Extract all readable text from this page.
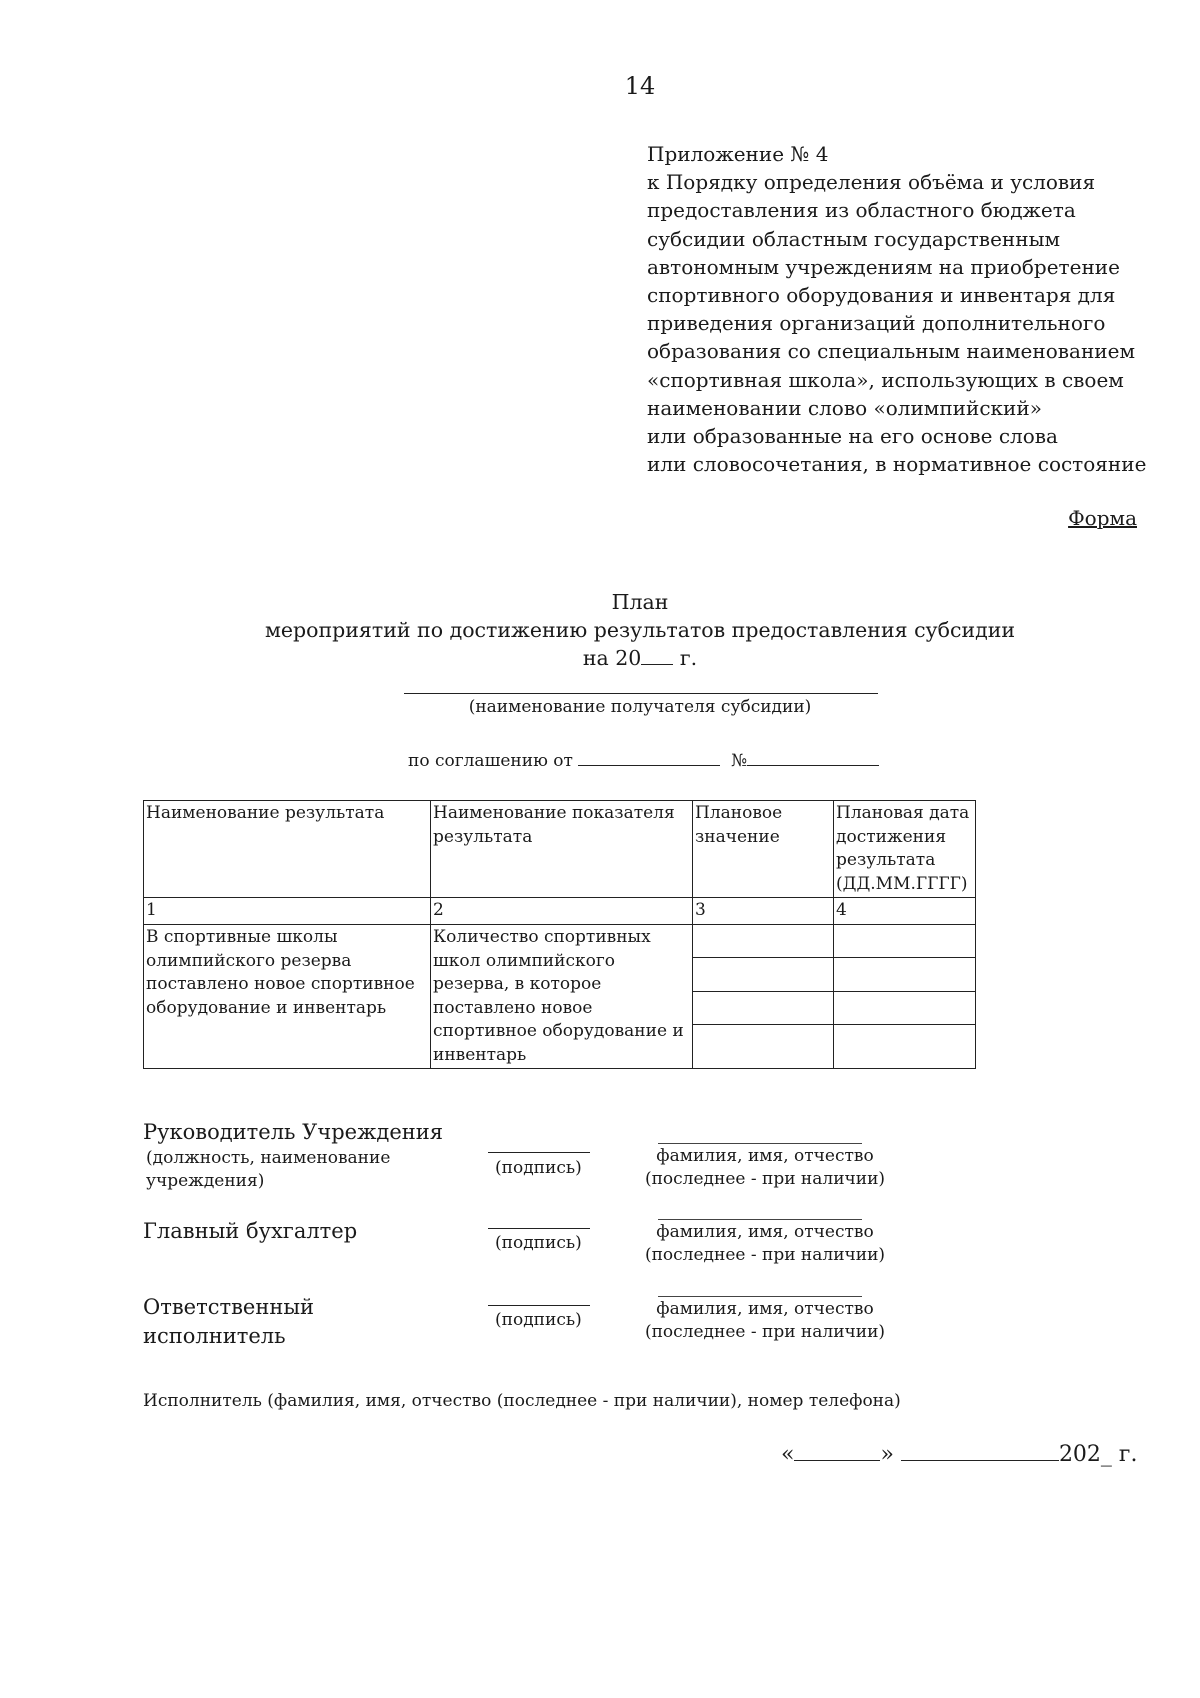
14
Приложение № 4
к Порядку определения объёма и условия
предоставления из областного бюджета
субсидии областным государственным
автономным учреждениям на приобретение
спортивного оборудования и инвентаря для
приведения организаций дополнительного
образования со специальным наименованием
«спортивная школа», использующих в своем
наименовании слово «олимпийский»
или образованные на его основе слова
или словосочетания, в нормативное состояние
Форма
План
мероприятий по достижению результатов предоставления субсидии
на 20 г.
(наименование получателя субсидии)
по соглашению от	№
Наименование результата	Наименование показателя результата	Плановое значение	Плановая дата достижения результата (ДД.ММ.ГГГГ)
1	2	3	4
В спортивные школы олимпийского резерва поставлено новое спортивное оборудование и инвентарь	Количество спортивных школ олимпийского резерва, в которое поставлено новое спортивное оборудование и инвентарь		

Руководитель Учреждения
(должность, наименование учреждения)
(подпись)
фамилия, имя, отчество
(последнее - при наличии)
Главный бухгалтер	(подпись)
фамилия, имя, отчество
(последнее - при наличии)
Ответственный
исполнитель
(подпись)
фамилия, имя, отчество
(последнее - при наличии)
Исполнитель (фамилия, имя, отчество (последнее - при наличии), номер телефона)
«	»	202_ г.
